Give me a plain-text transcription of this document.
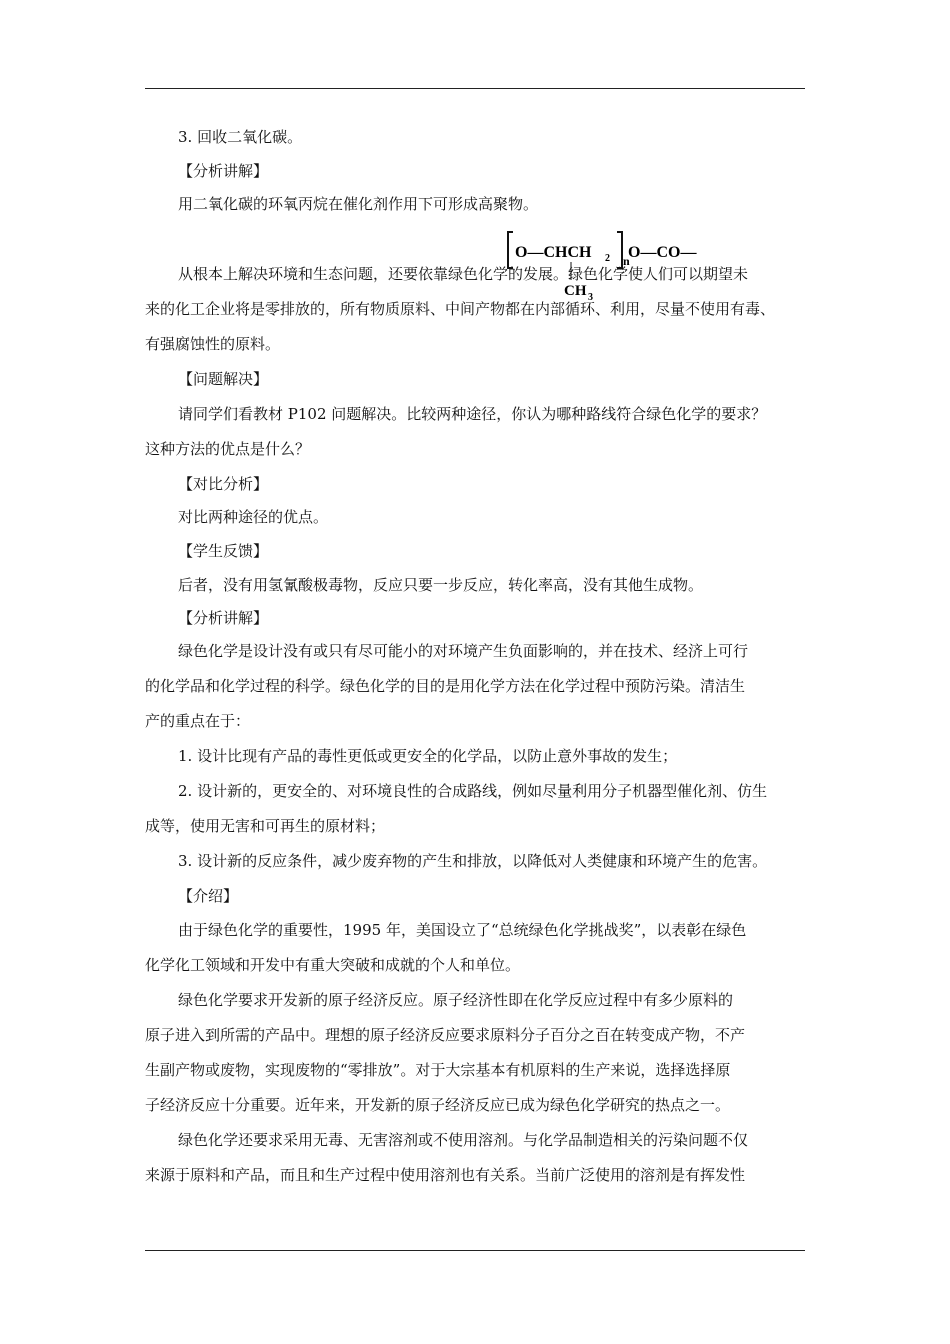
3. 回收二氧化碳。
【分析讲解】
用二氧化碳的环氧丙烷在催化剂作用下可形成高聚物。
O—CHCH 2 n
O—CO—
CH 3
从根本上解决环境和生态问题，还要依靠绿色化学的发展。绿色化学使人们可以期望未
来的化工企业将是零排放的，所有物质原料、中间产物都在内部循环、利用，尽量不使用有毒、
有强腐蚀性的原料。
【问题解决】
请同学们看教材 P102 问题解决。比较两种途径，你认为哪种路线符合绿色化学的要求？
这种方法的优点是什么？
【对比分析】
对比两种途径的优点。
【学生反馈】
后者，没有用氢氰酸极毒物，反应只要一步反应，转化率高，没有其他生成物。
【分析讲解】
绿色化学是设计没有或只有尽可能小的对环境产生负面影响的，并在技术、经济上可行
的化学品和化学过程的科学。绿色化学的目的是用化学方法在化学过程中预防污染。清洁生
产的重点在于：
1. 设计比现有产品的毒性更低或更安全的化学品，以防止意外事故的发生；
2. 设计新的，更安全的、对环境良性的合成路线，例如尽量利用分子机器型催化剂、仿生
成等，使用无害和可再生的原材料；
3. 设计新的反应条件，减少废弃物的产生和排放，以降低对人类健康和环境产生的危害。
【介绍】
由于绿色化学的重要性，1995 年，美国设立了“总统绿色化学挑战奖”，以表彰在绿色
化学化工领域和开发中有重大突破和成就的个人和单位。
绿色化学要求开发新的原子经济反应。原子经济性即在化学反应过程中有多少原料的
原子进入到所需的产品中。理想的原子经济反应要求原料分子百分之百在转变成产物，不产
生副产物或废物，实现废物的“零排放”。对于大宗基本有机原料的生产来说，选择选择原
子经济反应十分重要。近年来，开发新的原子经济反应已成为绿色化学研究的热点之一。
绿色化学还要求采用无毒、无害溶剂或不使用溶剂。与化学品制造相关的污染问题不仅
来源于原料和产品，而且和生产过程中使用溶剂也有关系。当前广泛使用的溶剂是有挥发性
